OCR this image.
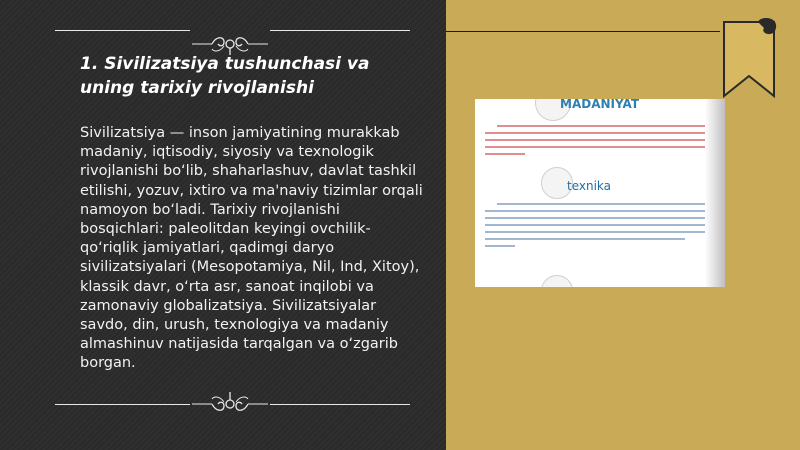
1. Sivilizatsiya tushunchasi va uning tarixiy rivojlanishi

Sivilizatsiya — inson jamiyatining murakkab madaniy, iqtisodiy, siyosiy va texnologik rivojlanishi bo‘lib, shaharlashuv, davlat tashkil etilishi, yozuv, ixtiro va ma'naviy tizimlar orqali namoyon bo‘ladi. Tarixiy rivojlanishi bosqichlari: paleolitdan keyingi ovchilik-qo‘riqlik jamiyatlari, qadimgi daryo sivilizatsiyalari (Mesopotamiya, Nil, Ind, Xitoy), klassik davr, o‘rta asr, sanoat inqilobi va zamonaviy globalizatsiya. Sivilizatsiyalar savdo, din, urush, texnologiya va madaniy almashinuv natijasida tarqalgan va o‘zgarib borgan.

MADANIYAT
texnika
